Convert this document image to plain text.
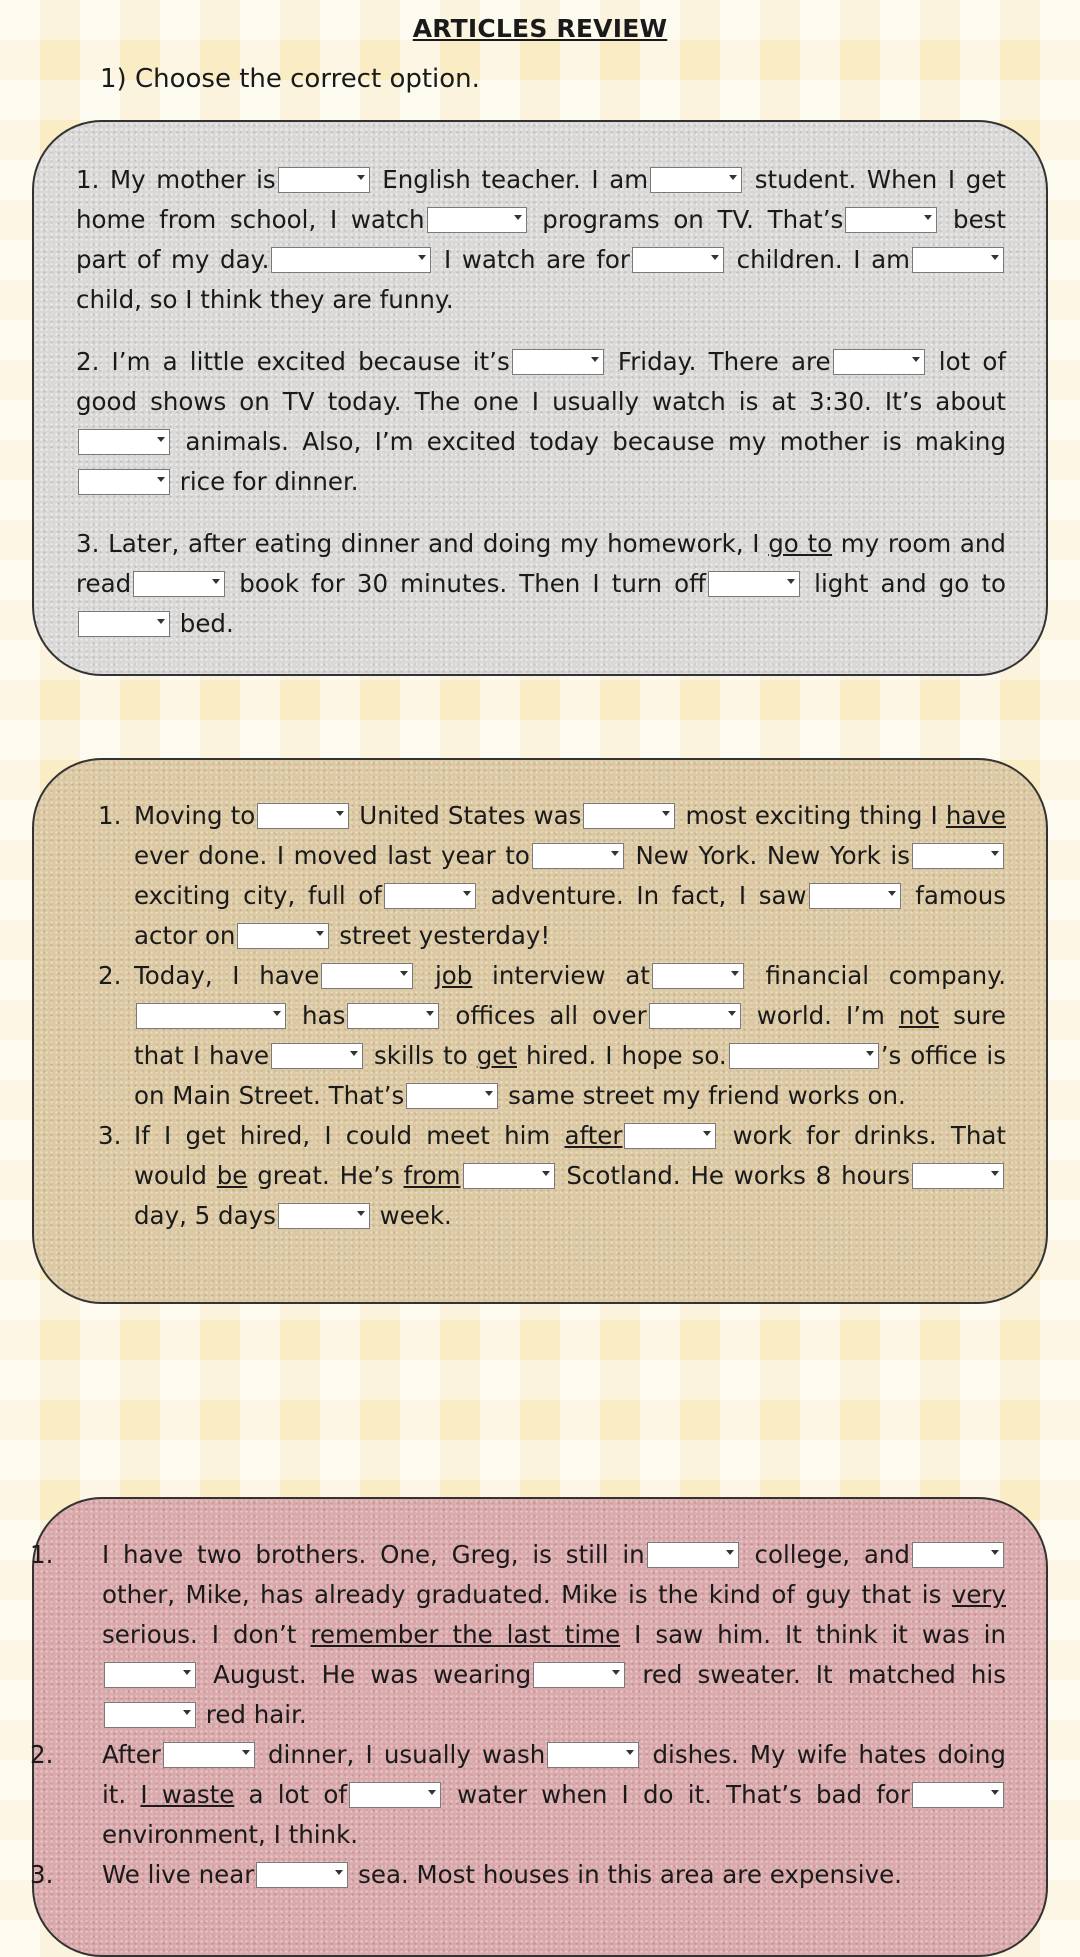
ARTICLES REVIEW
1) Choose the correct option.
1. My mother is	English teacher. I am	student. When I get home from school, I watch	programs on TV. That’s	best part of my day.	I watch are for	children. I am child, so I think they are funny.
2. I’m a little excited because it’s	Friday. There are	lot of good shows on TV today. The one I usually watch is at 3:30. It’s about animals. Also, I’m excited today because my mother is making rice for dinner.
3. Later, after eating dinner and doing my homework, I go to my room and read	book for 30 minutes. Then I turn off	light and go to bed.
1. Moving to	United States was	most exciting thing I have ever done. I moved last year to	New York. New York is exciting city, full of	adventure. In fact, I saw	famous actor on	street yesterday!
2. Today, I have	job interview at	financial company. has	offices all over	world. I’m not sure that I have	skills to get hired. I hope so.	’s office is on Main Street. That’s	same street my friend works on.
3. If I get hired, I could meet him after	work for drinks. That would be great. He’s from	Scotland. He works 8 hours day, 5 days	week.
1. I have two brothers. One, Greg, is still in	college, and other, Mike, has already graduated. Mike is the kind of guy that is very serious. I don’t remember the last time I saw him. It think it was in August. He was wearing	red sweater. It matched his red hair.
2. After	dinner, I usually wash	dishes. My wife hates doing it. I waste a lot of	water when I do it. That’s bad for environment, I think.
3. We live near	sea. Most houses in this area are expensive.
